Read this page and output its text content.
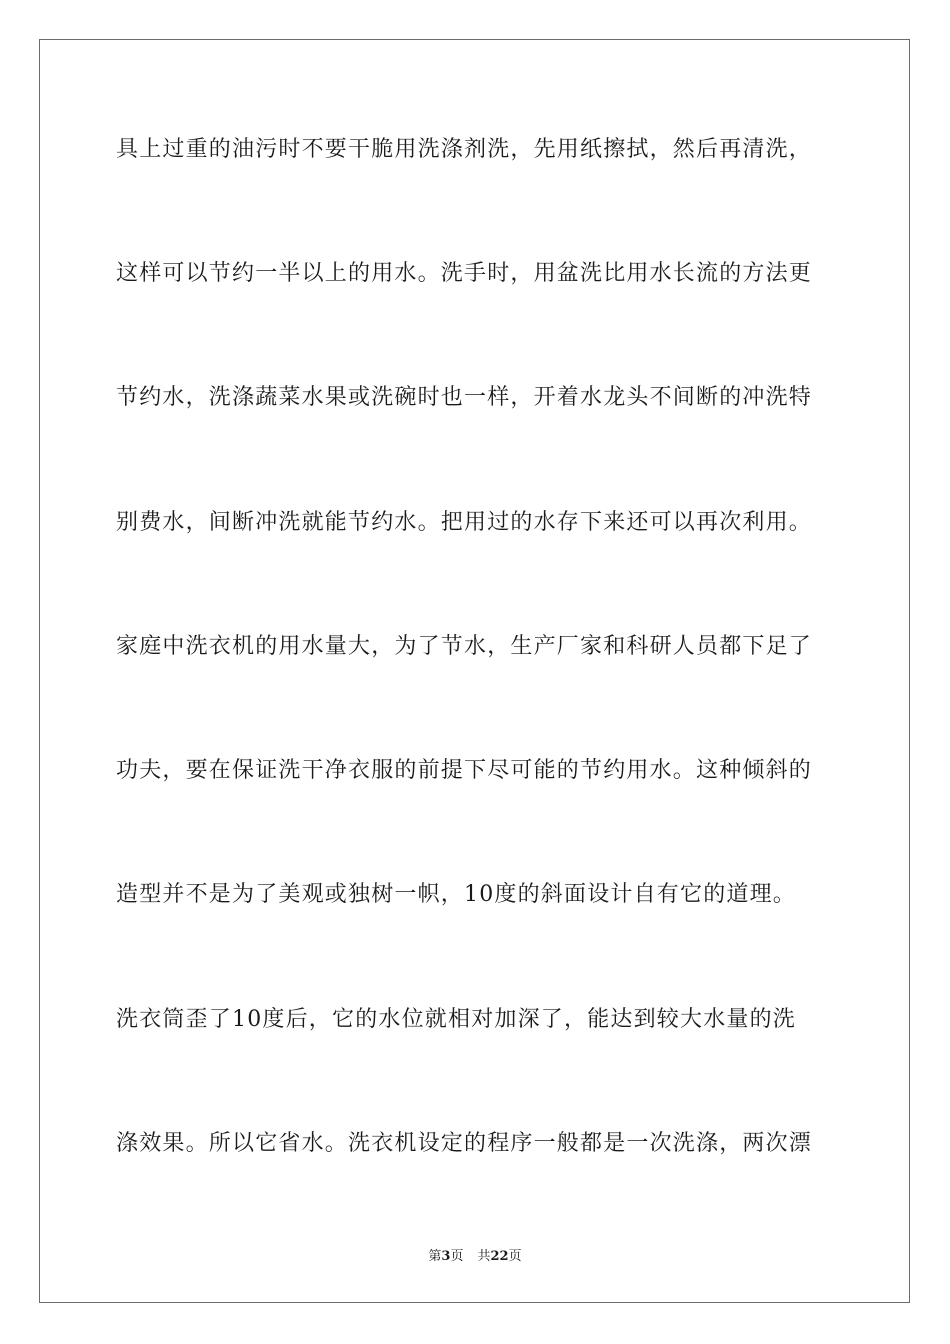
具上过重的油污时不要干脆用洗涤剂洗，先用纸擦拭，然后再清洗，
这样可以节约一半以上的用水。洗手时，用盆洗比用水长流的方法更
节约水，洗涤蔬菜水果或洗碗时也一样，开着水龙头不间断的冲洗特
别费水，间断冲洗就能节约水。把用过的水存下来还可以再次利用。
家庭中洗衣机的用水量大，为了节水，生产厂家和科研人员都下足了
功夫，要在保证洗干净衣服的前提下尽可能的节约用水。这种倾斜的
造型并不是为了美观或独树一帜，10度的斜面设计自有它的道理。
洗衣筒歪了10度后，它的水位就相对加深了，能达到较大水量的洗
涤效果。所以它省水。洗衣机设定的程序一般都是一次洗涤，两次漂
第3页 共22页
